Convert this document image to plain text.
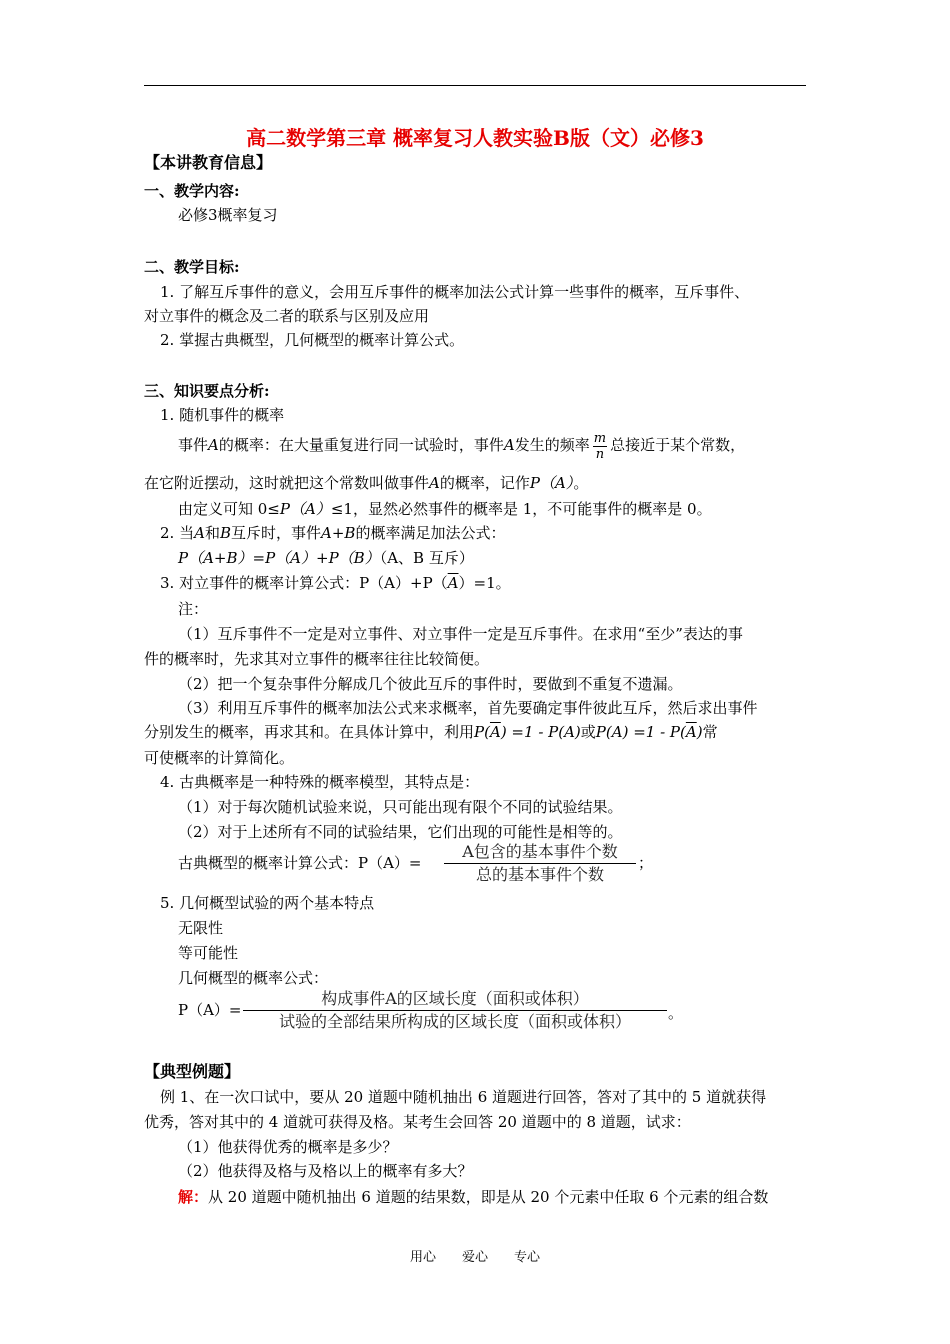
高二数学第三章 概率复习人教实验B版（文）必修3
【本讲教育信息】
一、教学内容:
必修3概率复习
二、教学目标:
1. 了解互斥事件的意义，会用互斥事件的概率加法公式计算一些事件的概率，互斥事件、
对立事件的概念及二者的联系与区别及应用
2. 掌握古典概型，几何概型的概率计算公式。
三、知识要点分析:
1. 随机事件的概率
事件A的概率：在大量重复进行同一试验时，事件A发生的频率 $\frac{m}{n}$ 总接近于某个常数，
在它附近摆动，这时就把这个常数叫做事件A的概率，记作P（A）。
由定义可知 0≤P（A）≤1，显然必然事件的概率是 1，不可能事件的概率是 0。
2. 当A和B互斥时，事件A+B的概率满足加法公式：
P（A+B）=P（A）+P（B）（A、B 互斥）
3. 对立事件的概率计算公式：$P(A)+P(\overline{A})=1$。
注：
（1）互斥事件不一定是对立事件、对立事件一定是互斥事件。在求用“至少”表达的事
件的概率时，先求其对立事件的概率往往比较简便。
（2）把一个复杂事件分解成几个彼此互斥的事件时，要做到不重复不遗漏。
（3）利用互斥事件的概率加法公式来求概率，首先要确定事件彼此互斥，然后求出事件
分别发生的概率，再求其和。在具体计算中，利用$P(\overline{A}) =1 - P(A)$或$P(A) =1 - P(\overline{A})$常
可使概率的计算简化。
4. 古典概率是一种特殊的概率模型，其特点是：
（1）对于每次随机试验来说，只可能出现有限个不同的试验结果。
（2）对于上述所有不同的试验结果，它们出现的可能性是相等的。
古典概型的概率计算公式：P（A）=
A包含的基本事件个数
总的基本事件个数
；
5. 几何概型试验的两个基本特点
无限性
等可能性
几何概型的概率公式：
P（A）=
构成事件A的区域长度（面积或体积）
试验的全部结果所构成的区域长度（面积或体积）	。
【典型例题】
例 1、在一次口试中，要从 20 道题中随机抽出 6 道题进行回答，答对了其中的 5 道就获得
优秀，答对其中的 4 道就可获得及格。某考生会回答 20 道题中的 8 道题，试求：
（1）他获得优秀的概率是多少？
（2）他获得及格与及格以上的概率有多大？
解：从 20 道题中随机抽出 6 道题的结果数，即是从 20 个元素中任取 6 个元素的组合数
用心　　爱心　　专心
